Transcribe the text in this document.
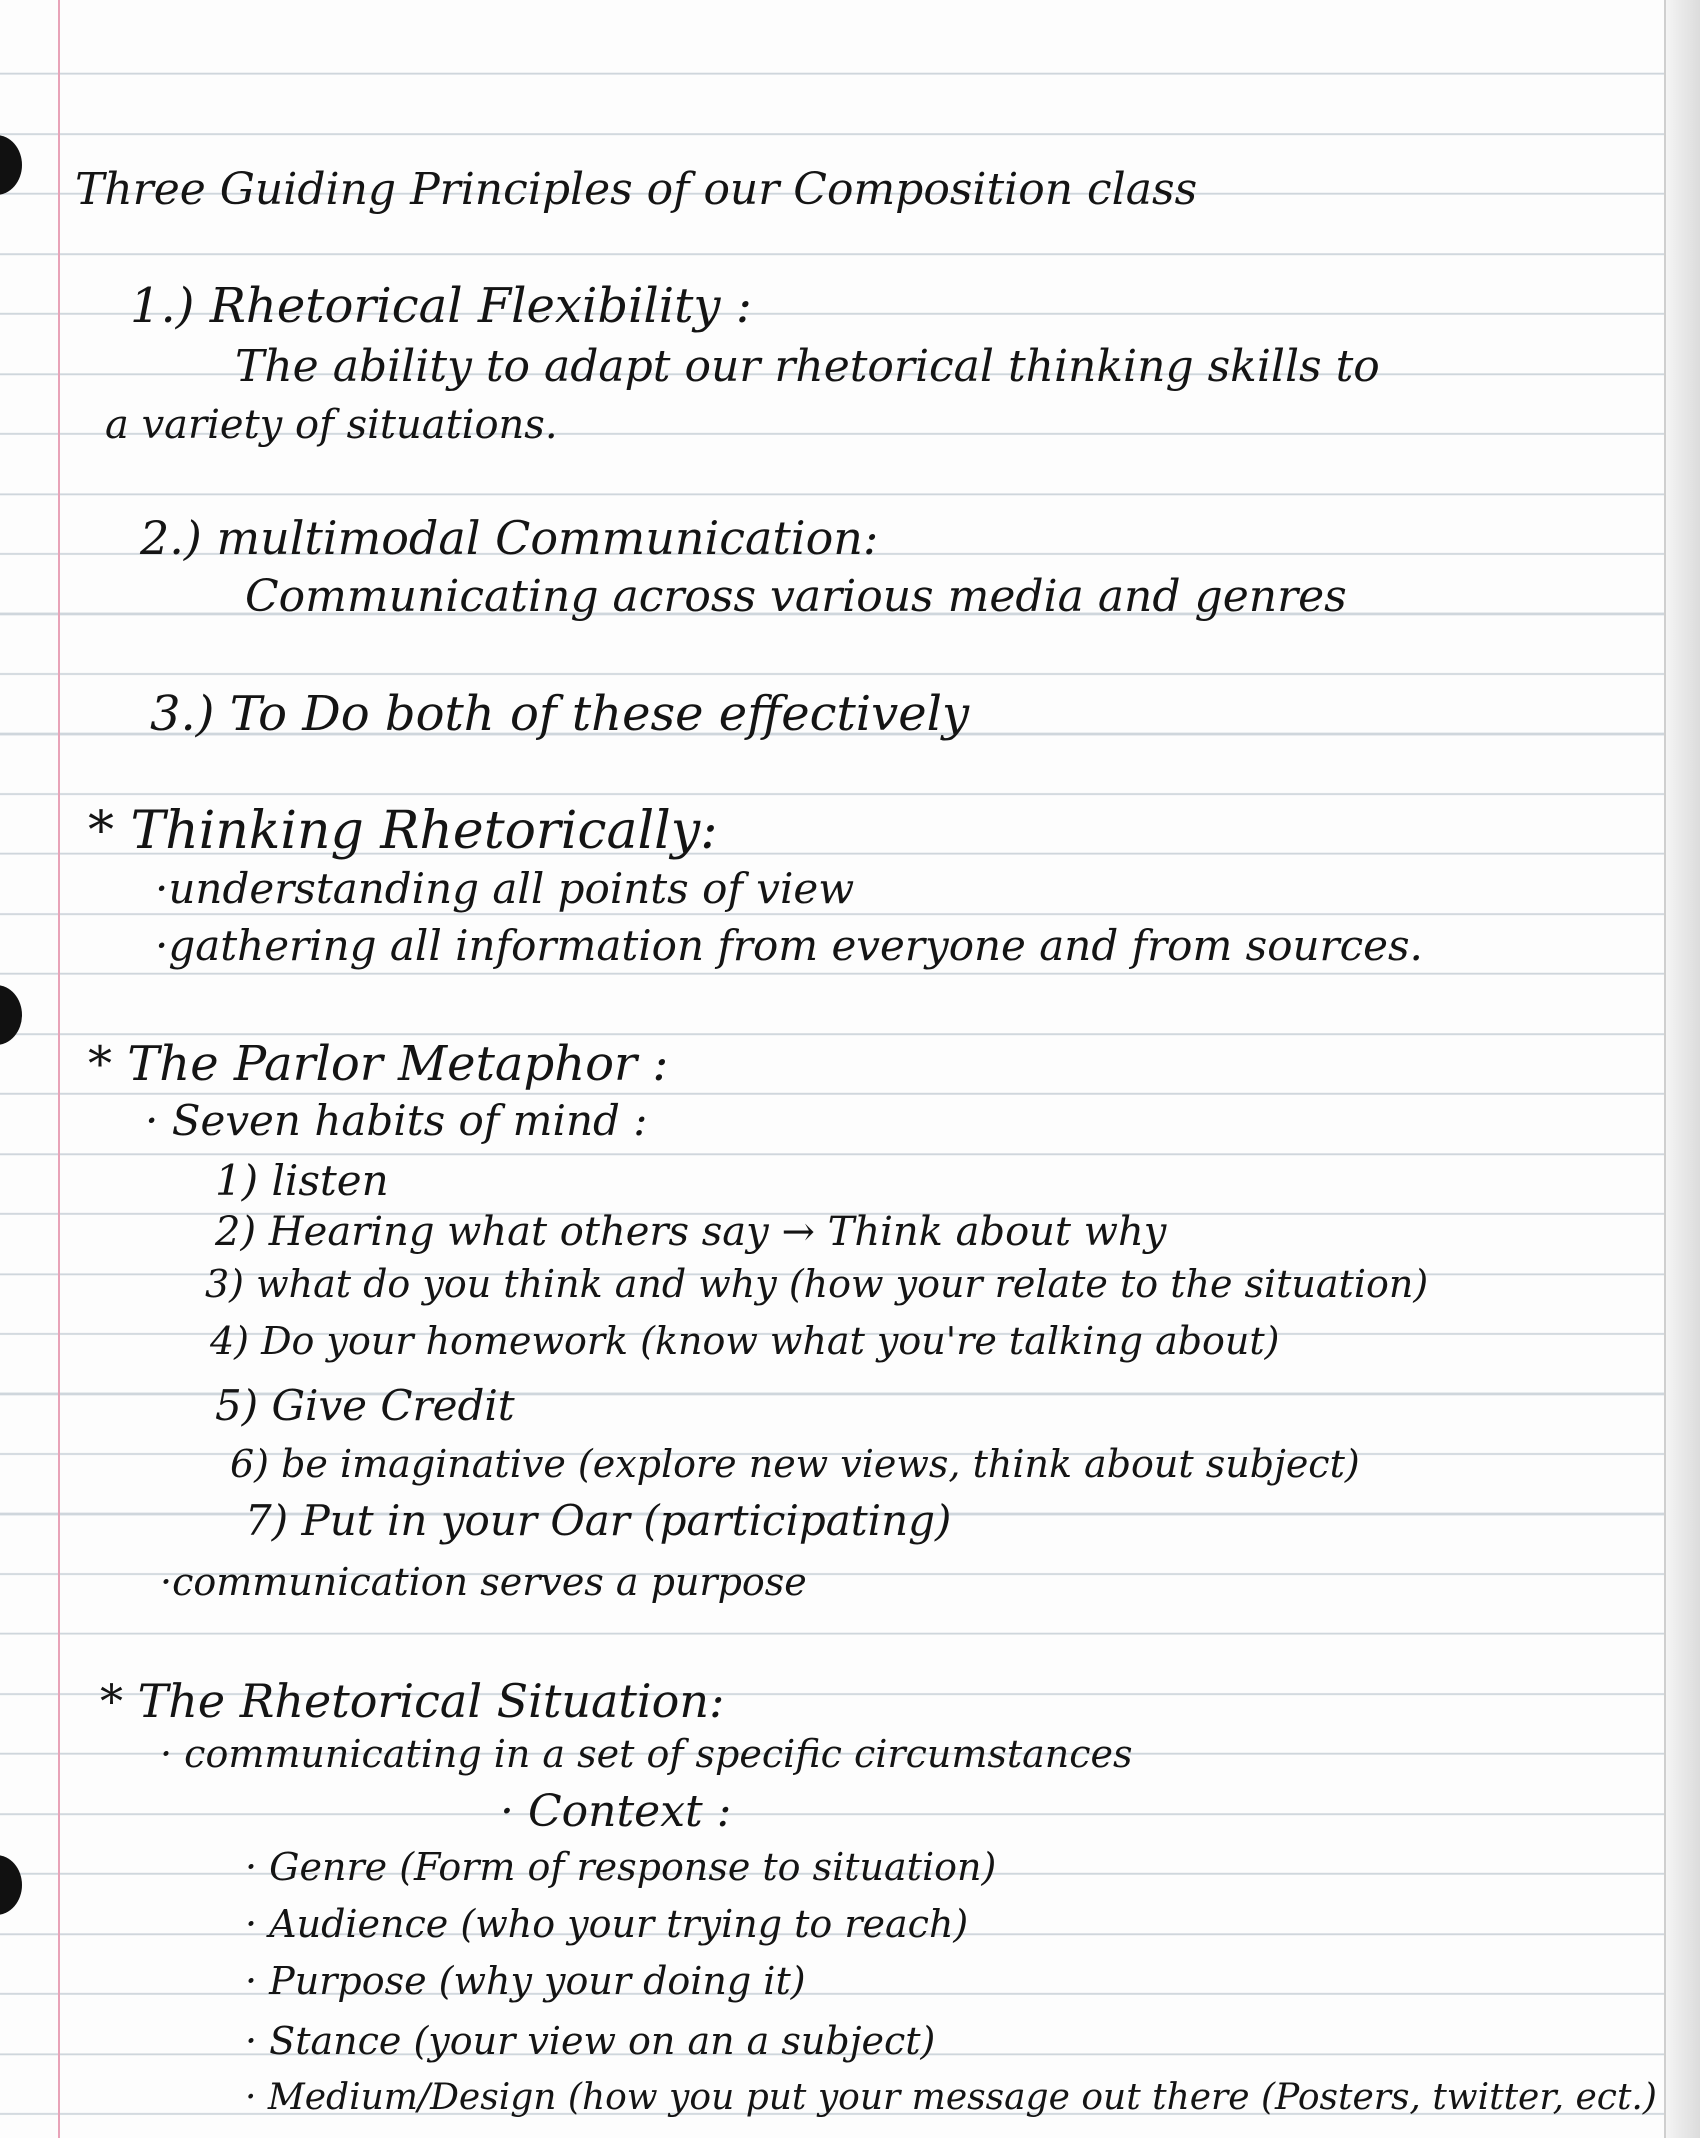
Three Guiding Principles of our Composition class
1.) Rhetorical Flexibility :
The ability to adapt our rhetorical thinking skills to
a variety of situations.
2.) multimodal Communication:
Communicating across various media and genres
3.) To Do both of these effectively
* Thinking Rhetorically:
·understanding all points of view
·gathering all information from everyone and from sources.
* The Parlor Metaphor :
· Seven habits of mind :
1) listen
2) Hearing what others say → Think about why
3) what do you think and why (how your relate to the situation)
4) Do your homework (know what you're talking about)
5) Give Credit
6) be imaginative (explore new views, think about subject)
7) Put in your Oar (participating)
·communication serves a purpose
* The Rhetorical Situation:
· communicating in a set of specific circumstances
· Context :
· Genre (Form of response to situation)
· Audience (who your trying to reach)
· Purpose (why your doing it)
· Stance (your view on an a subject)
· Medium/Design (how you put your message out there (Posters, twitter, ect.)
